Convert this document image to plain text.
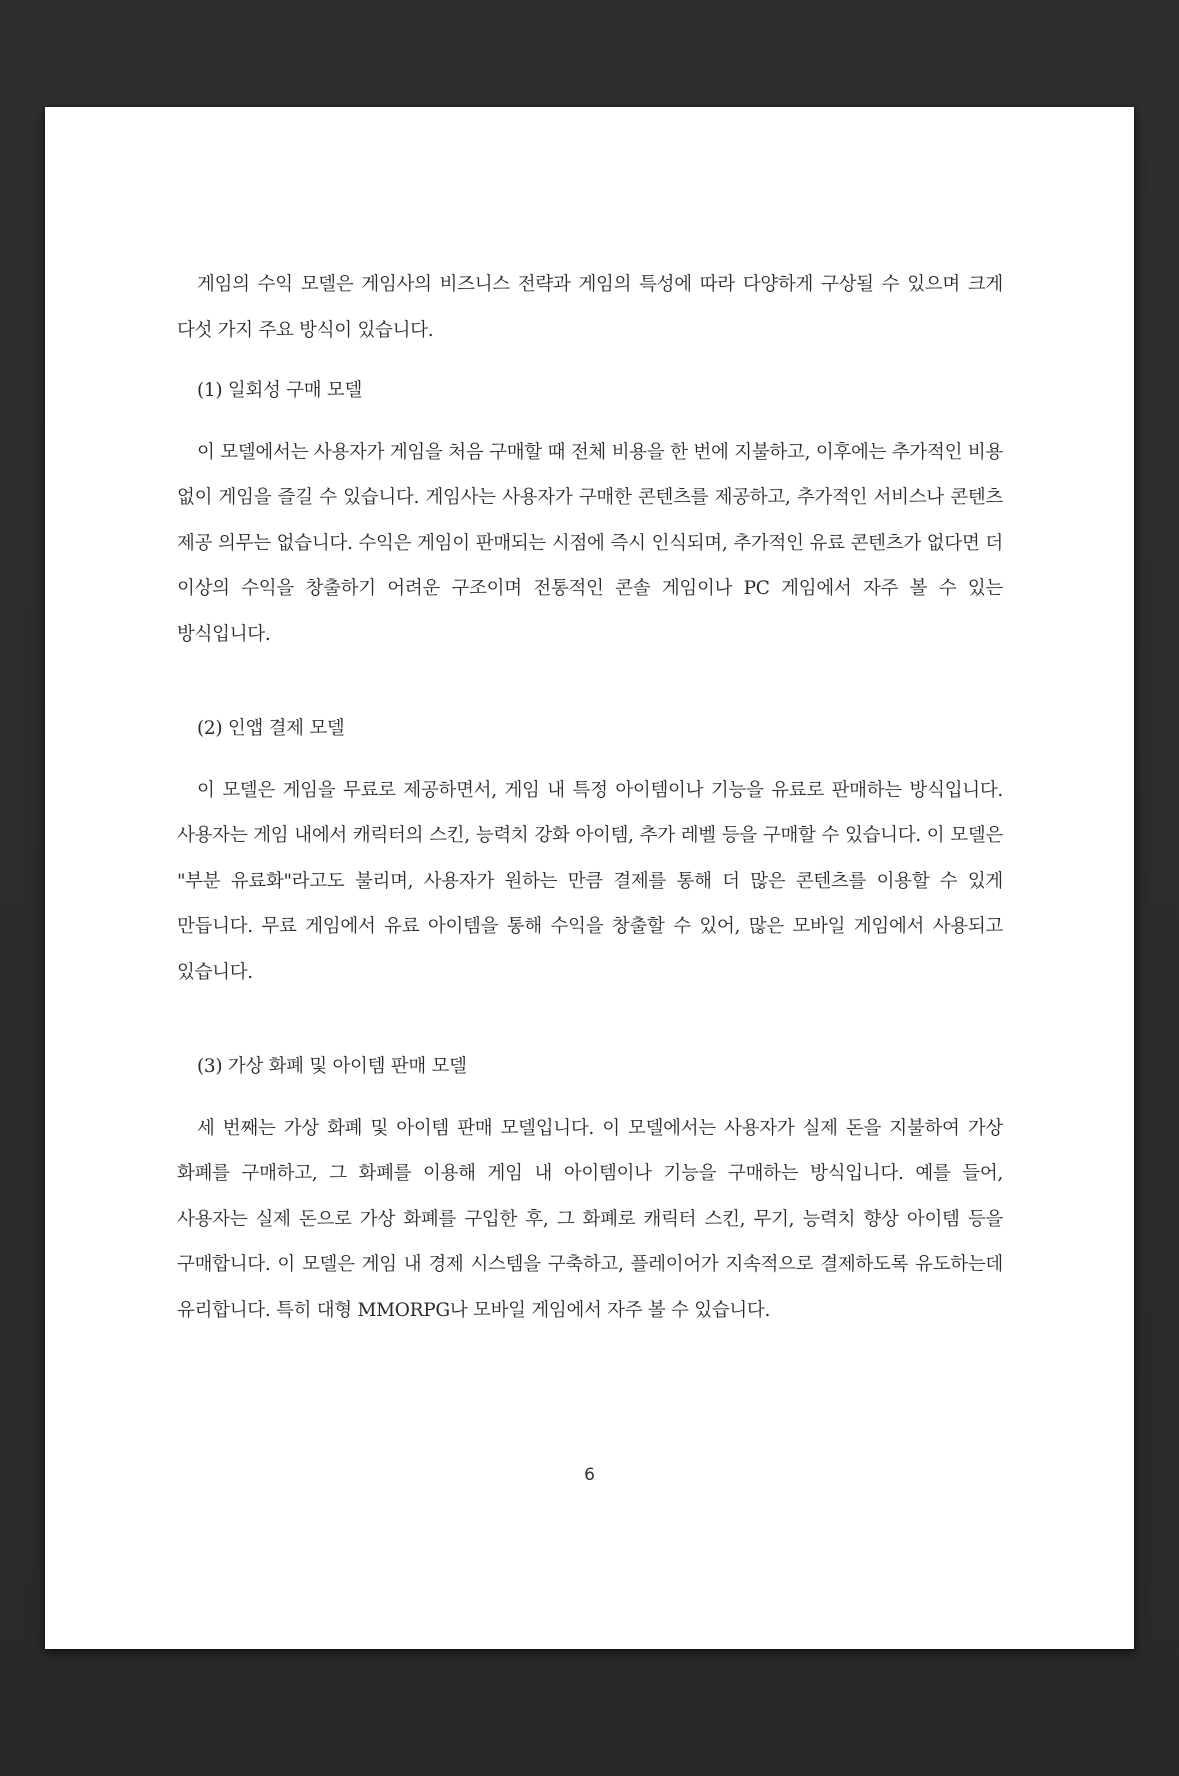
게임의 수익 모델은 게임사의 비즈니스 전략과 게임의 특성에 따라 다양하게 구상될 수 있으며 크게 다섯 가지 주요 방식이 있습니다.

(1) 일회성 구매 모델

이 모델에서는 사용자가 게임을 처음 구매할 때 전체 비용을 한 번에 지불하고, 이후에는 추가적인 비용 없이 게임을 즐길 수 있습니다. 게임사는 사용자가 구매한 콘텐츠를 제공하고, 추가적인 서비스나 콘텐츠 제공 의무는 없습니다. 수익은 게임이 판매되는 시점에 즉시 인식되며, 추가적인 유료 콘텐츠가 없다면 더 이상의 수익을 창출하기 어려운 구조이며 전통적인 콘솔 게임이나 PC 게임에서 자주 볼 수 있는 방식입니다.

(2) 인앱 결제 모델

이 모델은 게임을 무료로 제공하면서, 게임 내 특정 아이템이나 기능을 유료로 판매하는 방식입니다. 사용자는 게임 내에서 캐릭터의 스킨, 능력치 강화 아이템, 추가 레벨 등을 구매할 수 있습니다. 이 모델은 "부분 유료화"라고도 불리며, 사용자가 원하는 만큼 결제를 통해 더 많은 콘텐츠를 이용할 수 있게 만듭니다. 무료 게임에서 유료 아이템을 통해 수익을 창출할 수 있어, 많은 모바일 게임에서 사용되고 있습니다.

(3) 가상 화폐 및 아이템 판매 모델

세 번째는 가상 화폐 및 아이템 판매 모델입니다. 이 모델에서는 사용자가 실제 돈을 지불하여 가상 화폐를 구매하고, 그 화폐를 이용해 게임 내 아이템이나 기능을 구매하는 방식입니다. 예를 들어, 사용자는 실제 돈으로 가상 화폐를 구입한 후, 그 화폐로 캐릭터 스킨, 무기, 능력치 향상 아이템 등을 구매합니다. 이 모델은 게임 내 경제 시스템을 구축하고, 플레이어가 지속적으로 결제하도록 유도하는데 유리합니다. 특히 대형 MMORPG나 모바일 게임에서 자주 볼 수 있습니다.

6
